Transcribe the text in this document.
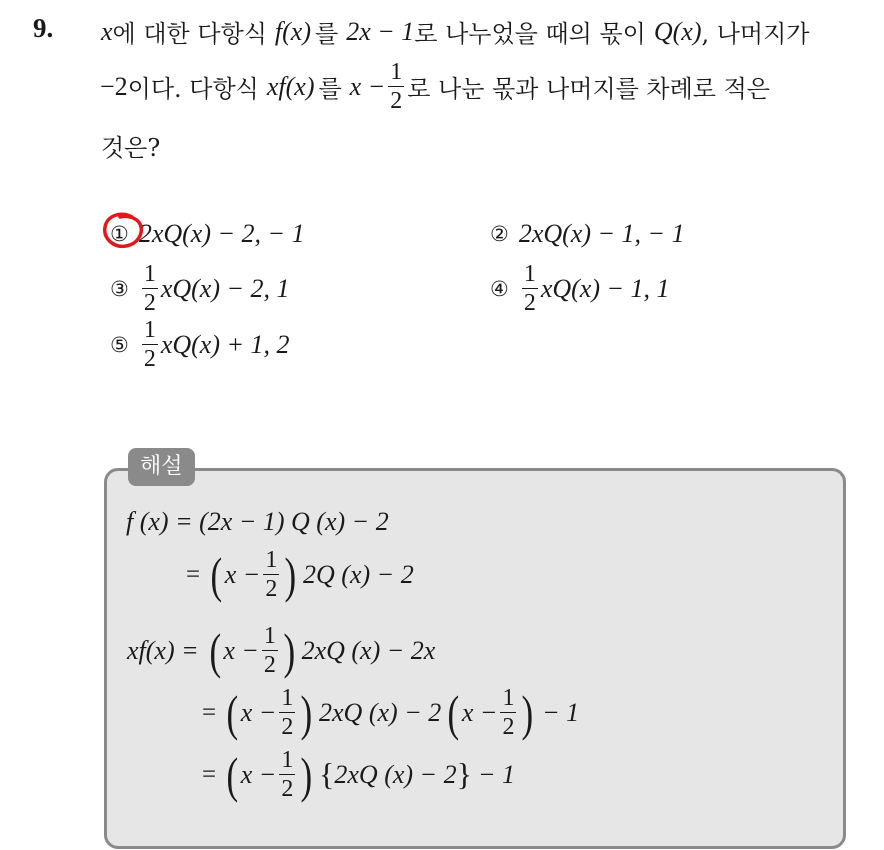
9. x 에 대한 다항식 f(x) 를 2x − 1 로 나누었을 때의 몫이 Q(x) , 나머지가
−2 이다. 다항식 xf(x) 를 $x - \frac{1}{2}$ 로 나눈 몫과 나머지를 차례로 적은
것은?
① 2xQ(x) − 2, − 1	② 2xQ(x) − 1, − 1
③ $\frac{1}{2} xQ(x) - 2$, 1	④ $\frac{1}{2} xQ(x) - 1$, 1
⑤ $\frac{1}{2} xQ(x) + 1$, 2
해설
f (x) = (2x − 1) Q (x) − 2
= ( $x - \frac{1}{2}$ ) 2Q (x) − 2
xf(x) = ( $x - \frac{1}{2}$ ) 2xQ (x) − 2x
= ( $x - \frac{1}{2}$ ) 2xQ (x) − 2 ( $x - \frac{1}{2}$ ) − 1
= ( $x - \frac{1}{2}$ ) { 2xQ (x) − 2 } − 1
